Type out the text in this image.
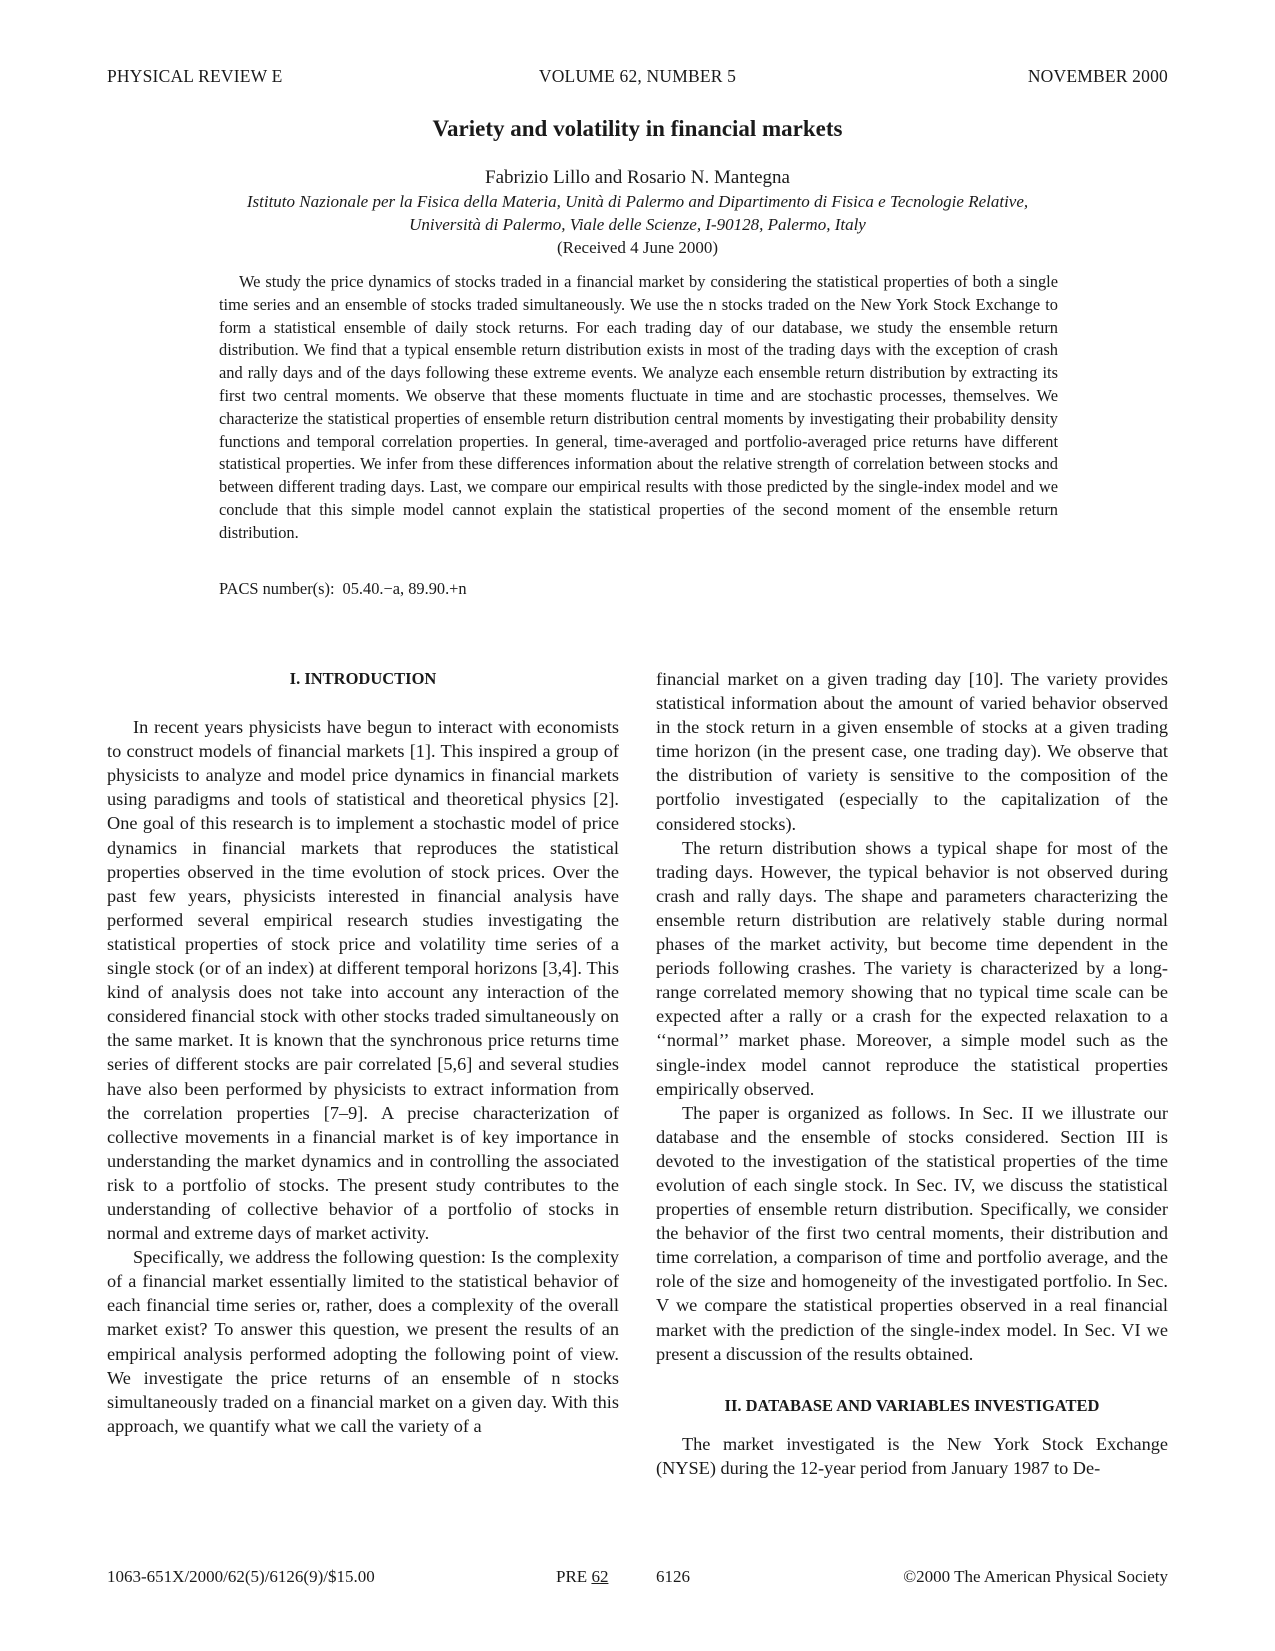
PHYSICAL REVIEW E	VOLUME 62, NUMBER 5	NOVEMBER 2000
Variety and volatility in financial markets
Fabrizio Lillo and Rosario N. Mantegna
Istituto Nazionale per la Fisica della Materia, Unità di Palermo and Dipartimento di Fisica e Tecnologie Relative,
Università di Palermo, Viale delle Scienze, I-90128, Palermo, Italy
(Received 4 June 2000)

We study the price dynamics of stocks traded in a financial market by considering the statistical properties of both a single time series and an ensemble of stocks traded simultaneously. We use the n stocks traded on the New York Stock Exchange to form a statistical ensemble of daily stock returns. For each trading day of our database, we study the ensemble return distribution. We find that a typical ensemble return distribution exists in most of the trading days with the exception of crash and rally days and of the days following these extreme events. We analyze each ensemble return distribution by extracting its first two central moments. We observe that these moments fluctuate in time and are stochastic processes, themselves. We characterize the statistical properties of ensemble return distribution central moments by investigating their probability density functions and temporal correlation properties. In general, time-averaged and portfolio-averaged price returns have different statistical properties. We infer from these differences information about the relative strength of correlation between stocks and between different trading days. Last, we compare our empirical results with those predicted by the single-index model and we conclude that this simple model cannot explain the statistical properties of the second moment of the ensemble return distribution.

PACS number(s): 05.40.−a, 89.90.+n
I. INTRODUCTION

In recent years physicists have begun to interact with economists to construct models of financial markets [1]. This inspired a group of physicists to analyze and model price dynamics in financial markets using paradigms and tools of statistical and theoretical physics [2]. One goal of this research is to implement a stochastic model of price dynamics in financial markets that reproduces the statistical properties observed in the time evolution of stock prices. Over the past few years, physicists interested in financial analysis have performed several empirical research studies investigating the statistical properties of stock price and volatility time series of a single stock (or of an index) at different temporal horizons [3,4]. This kind of analysis does not take into account any interaction of the considered financial stock with other stocks traded simultaneously on the same market. It is known that the synchronous price returns time series of different stocks are pair correlated [5,6] and several studies have also been performed by physicists to extract information from the correlation properties [7–9]. A precise characterization of collective movements in a financial market is of key importance in understanding the market dynamics and in controlling the associated risk to a portfolio of stocks. The present study contributes to the understanding of collective behavior of a portfolio of stocks in normal and extreme days of market activity.

Specifically, we address the following question: Is the complexity of a financial market essentially limited to the statistical behavior of each financial time series or, rather, does a complexity of the overall market exist? To answer this question, we present the results of an empirical analysis performed adopting the following point of view. We investigate the price returns of an ensemble of n stocks simultaneously traded on a financial market on a given day. With this approach, we quantify what we call the variety of a

financial market on a given trading day [10]. The variety provides statistical information about the amount of varied behavior observed in the stock return in a given ensemble of stocks at a given trading time horizon (in the present case, one trading day). We observe that the distribution of variety is sensitive to the composition of the portfolio investigated (especially to the capitalization of the considered stocks).

The return distribution shows a typical shape for most of the trading days. However, the typical behavior is not observed during crash and rally days. The shape and parameters characterizing the ensemble return distribution are relatively stable during normal phases of the market activity, but become time dependent in the periods following crashes. The variety is characterized by a long-range correlated memory showing that no typical time scale can be expected after a rally or a crash for the expected relaxation to a ‘‘normal’’ market phase. Moreover, a simple model such as the single-index model cannot reproduce the statistical properties empirically observed.

The paper is organized as follows. In Sec. II we illustrate our database and the ensemble of stocks considered. Section III is devoted to the investigation of the statistical properties of the time evolution of each single stock. In Sec. IV, we discuss the statistical properties of ensemble return distribution. Specifically, we consider the behavior of the first two central moments, their distribution and time correlation, a comparison of time and portfolio average, and the role of the size and homogeneity of the investigated portfolio. In Sec. V we compare the statistical properties observed in a real financial market with the prediction of the single-index model. In Sec. VI we present a discussion of the results obtained.

II. DATABASE AND VARIABLES INVESTIGATED

The market investigated is the New York Stock Exchange (NYSE) during the 12-year period from January 1987 to De-

1063-651X/2000/62(5)/6126(9)/$15.00	PRE 62	6126	©2000 The American Physical Society
